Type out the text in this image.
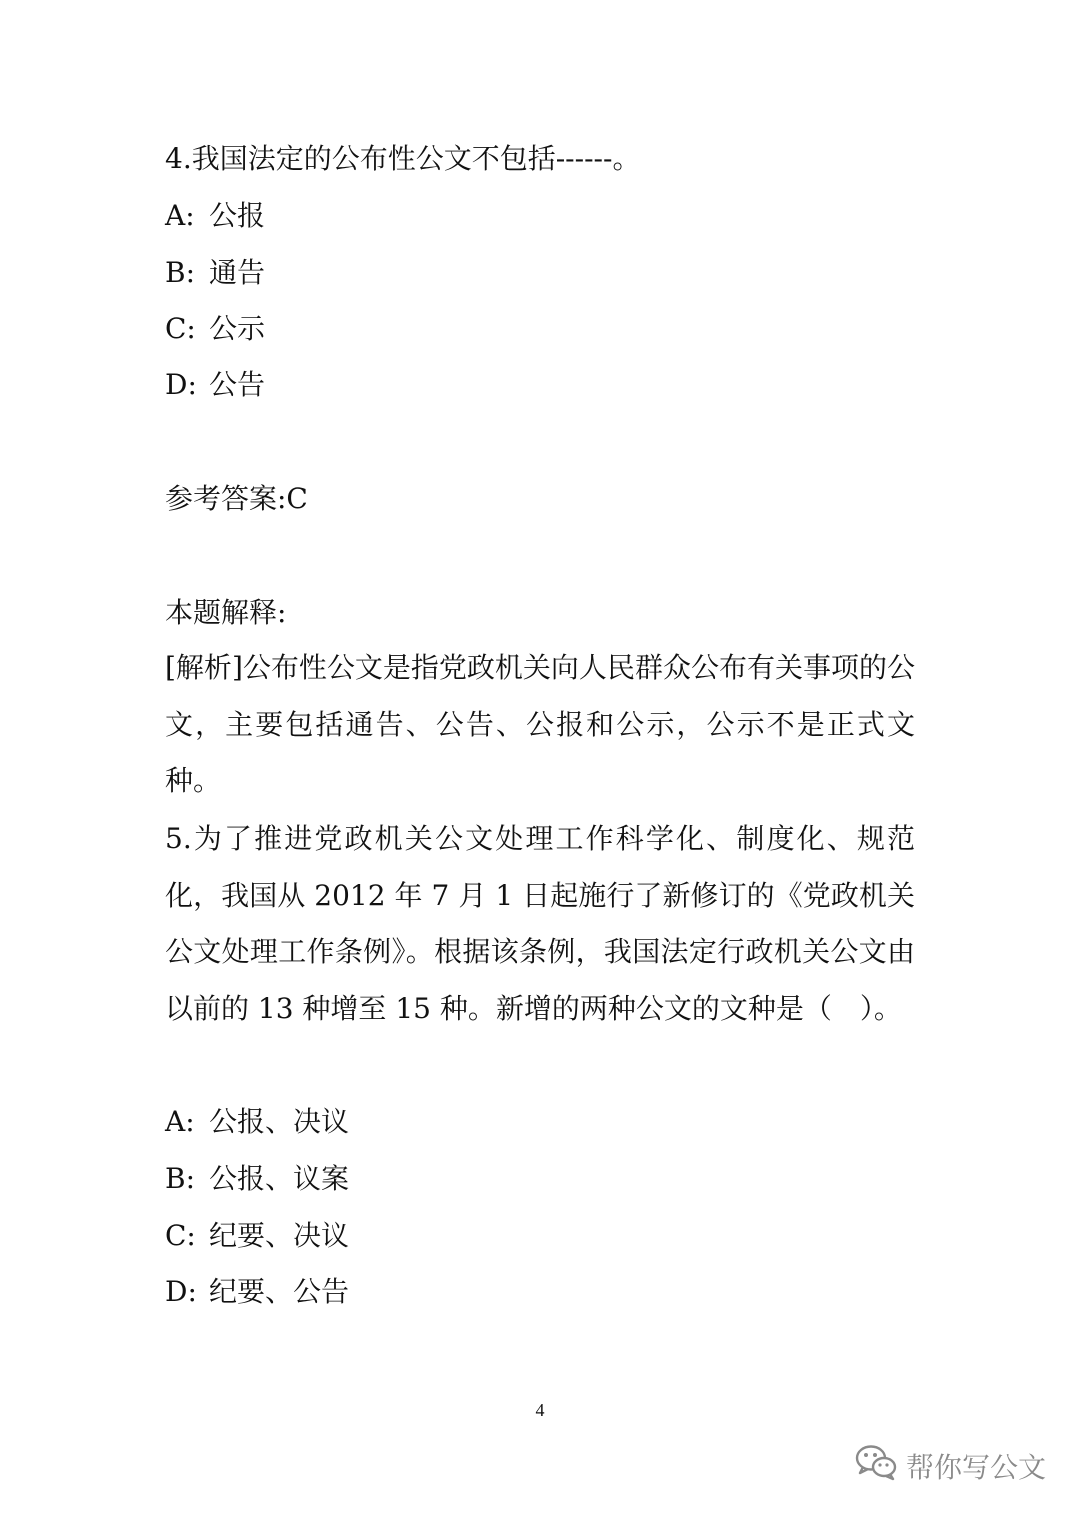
4.我国法定的公布性公文不包括------。
A: 公报
B: 通告
C: 公示
D: 公告
参考答案:C
本题解释:
[解析]公布性公文是指党政机关向人民群众公布有关事项的公文，主要包括通告、公告、公报和公示，公示不是正式文种。
5.为了推进党政机关公文处理工作科学化、制度化、规范化，我国从 2012 年 7 月 1 日起施行了新修订的《党政机关公文处理工作条例》。根据该条例，我国法定行政机关公文由以前的 13 种增至 15 种。新增的两种公文的文种是（　）。
A: 公报、决议
B: 公报、议案
C: 纪要、决议
D: 纪要、公告
4
帮你写公文
